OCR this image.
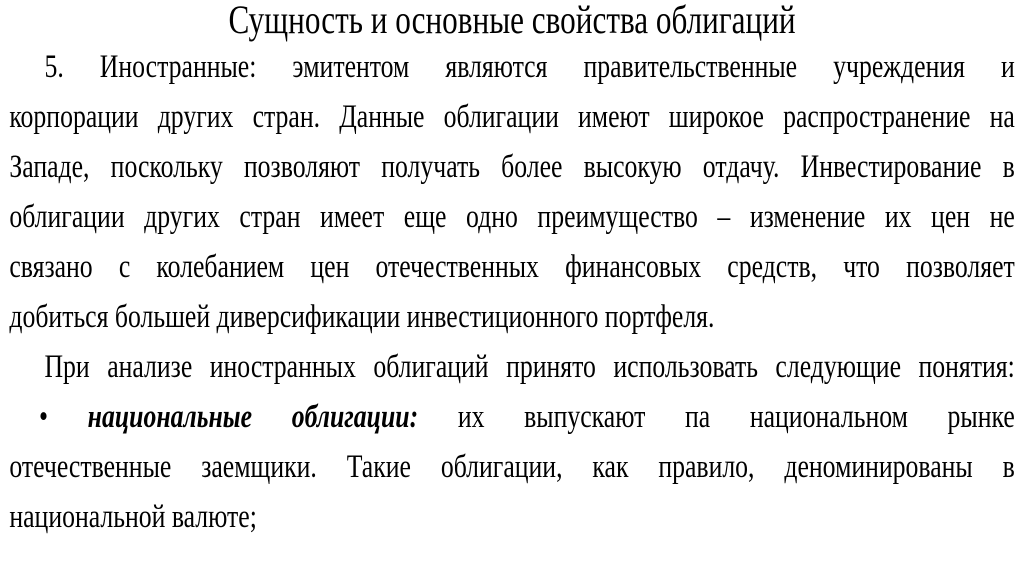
Сущность и основные свойства облигаций
5. Иностранные: эмитентом являются правительственные учреждения и
корпорации других стран. Данные облигации имеют широкое распространение на
Западе, поскольку позволяют получать более высокую отдачу. Инвестирование в
облигации других стран имеет еще одно преимущество – изменение их цен не
связано с колебанием цен отечественных финансовых средств, что позволяет
добиться большей диверсификации инвестиционного портфеля.
При анализе иностранных облигаций принято использовать следующие понятия:
• национальные облигации: их выпускают па национальном рынке
отечественные заемщики. Такие облигации, как правило, деноминированы в
национальной валюте;
